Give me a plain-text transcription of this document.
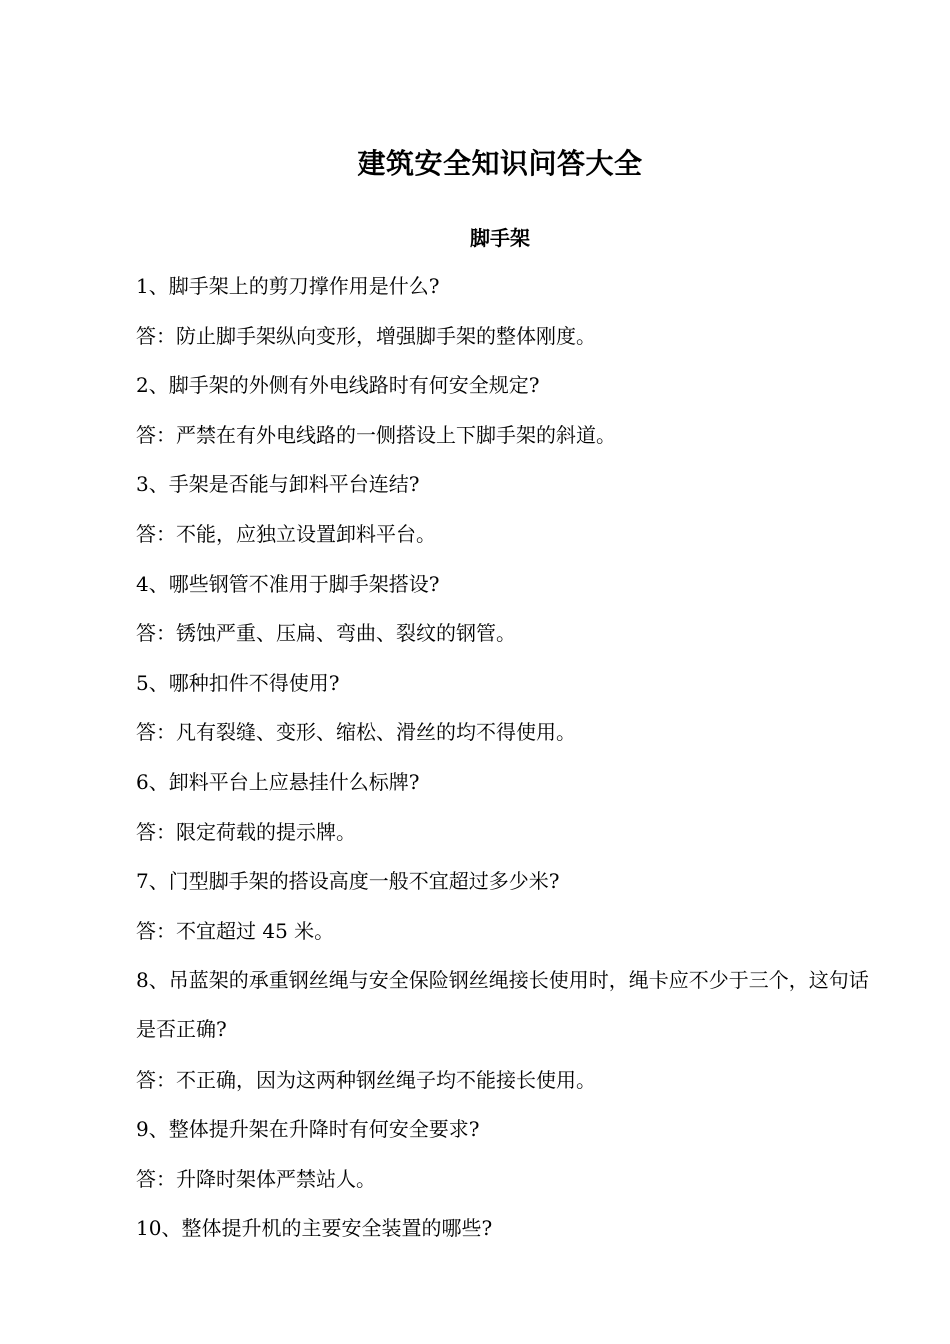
建筑安全知识问答大全
脚手架
1、脚手架上的剪刀撑作用是什么?
答：防止脚手架纵向变形，增强脚手架的整体刚度。
2、脚手架的外侧有外电线路时有何安全规定?
答：严禁在有外电线路的一侧搭设上下脚手架的斜道。
3、手架是否能与卸料平台连结?
答：不能，应独立设置卸料平台。
4、哪些钢管不准用于脚手架搭设?
答：锈蚀严重、压扁、弯曲、裂纹的钢管。
5、哪种扣件不得使用?
答：凡有裂缝、变形、缩松、滑丝的均不得使用。
6、卸料平台上应悬挂什么标牌?
答：限定荷载的提示牌。
7、门型脚手架的搭设高度一般不宜超过多少米?
答：不宜超过 45 米。
8、吊蓝架的承重钢丝绳与安全保险钢丝绳接长使用时，绳卡应不少于三个，这句话是否正确?
答：不正确，因为这两种钢丝绳子均不能接长使用。
9、整体提升架在升降时有何安全要求?
答：升降时架体严禁站人。
10、整体提升机的主要安全装置的哪些?
